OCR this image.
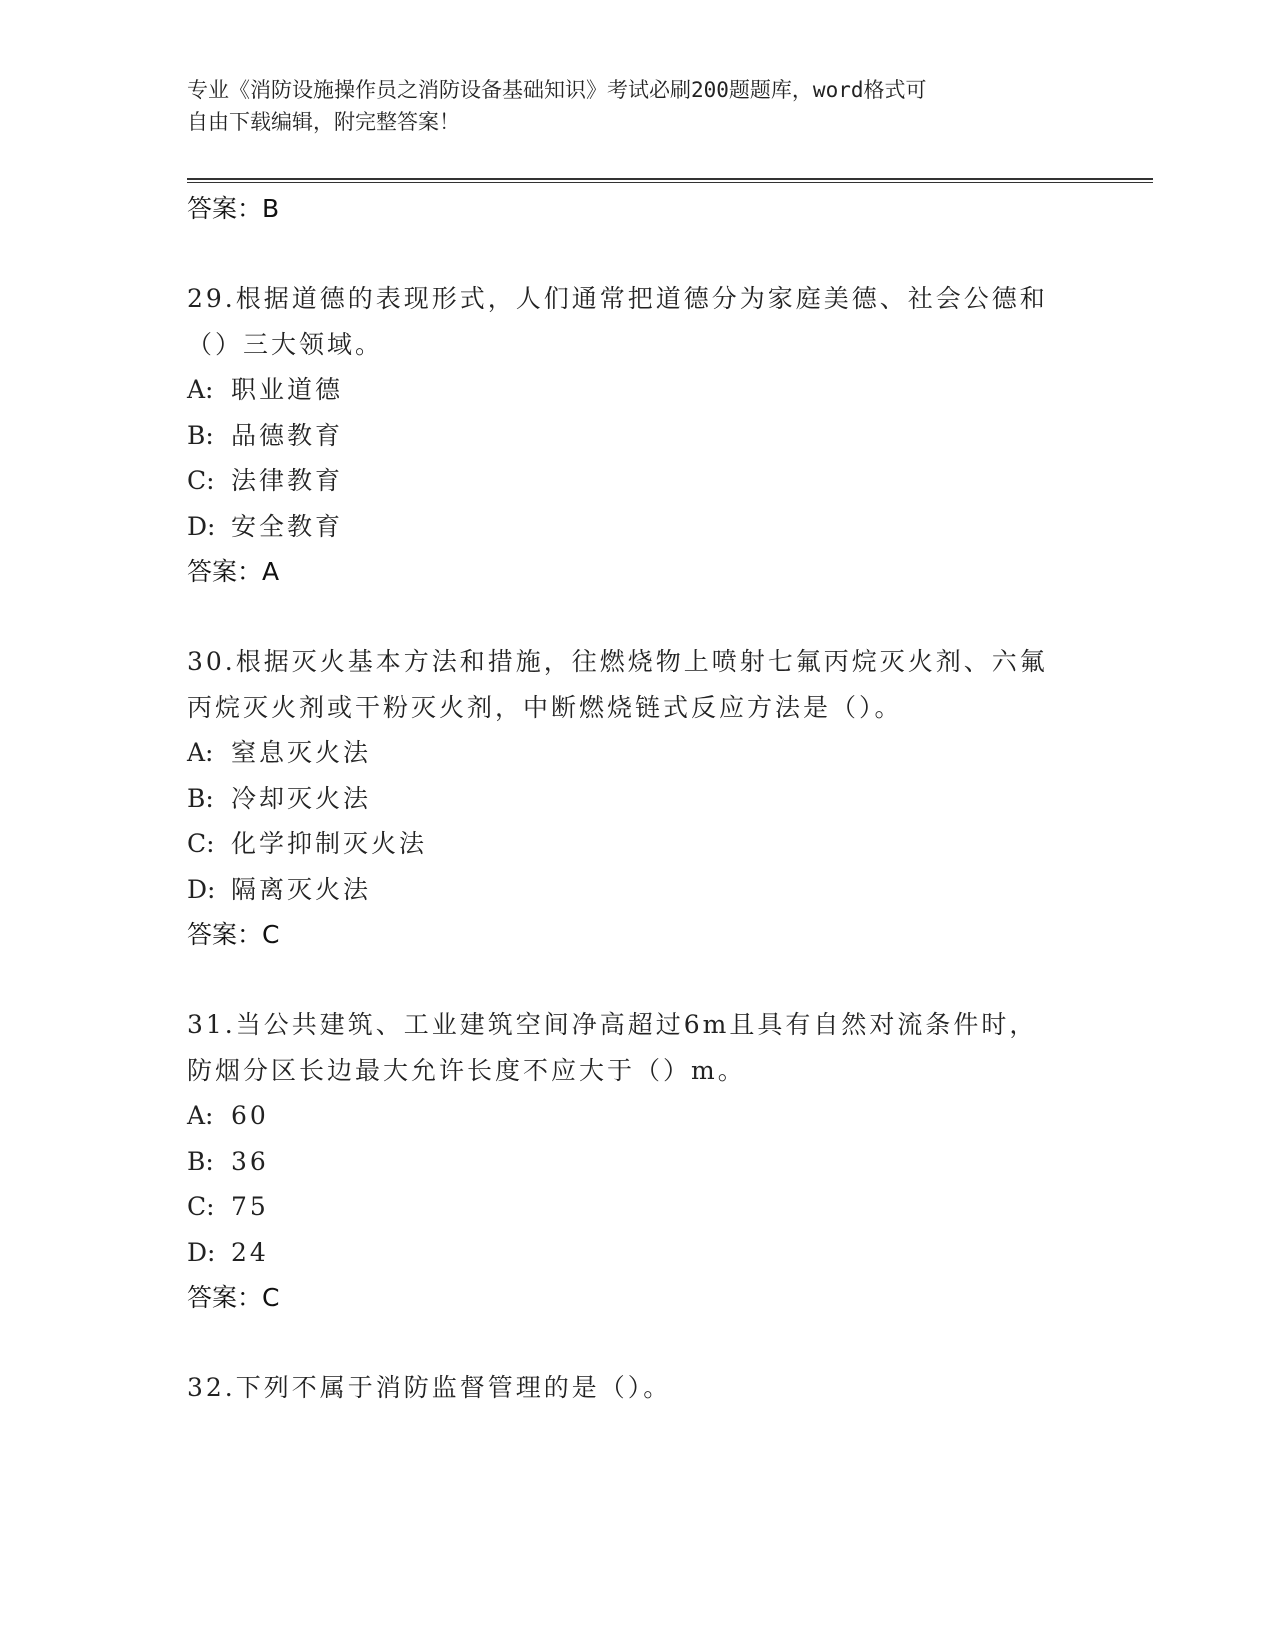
专业《消防设施操作员之消防设备基础知识》考试必刷200题题库，word格式可
自由下载编辑，附完整答案！
答案：B
29.根据道德的表现形式，人们通常把道德分为家庭美德、社会公德和
（）三大领域。
A: 职业道德
B: 品德教育
C: 法律教育
D: 安全教育
答案：A
30.根据灭火基本方法和措施，往燃烧物上喷射七氟丙烷灭火剂、六氟
丙烷灭火剂或干粉灭火剂，中断燃烧链式反应方法是（）。
A: 窒息灭火法
B: 冷却灭火法
C: 化学抑制灭火法
D: 隔离灭火法
答案：C
31.当公共建筑、工业建筑空间净高超过6m且具有自然对流条件时，
防烟分区长边最大允许长度不应大于（）m。
A: 60
B: 36
C: 75
D: 24
答案：C
32.下列不属于消防监督管理的是（）。
